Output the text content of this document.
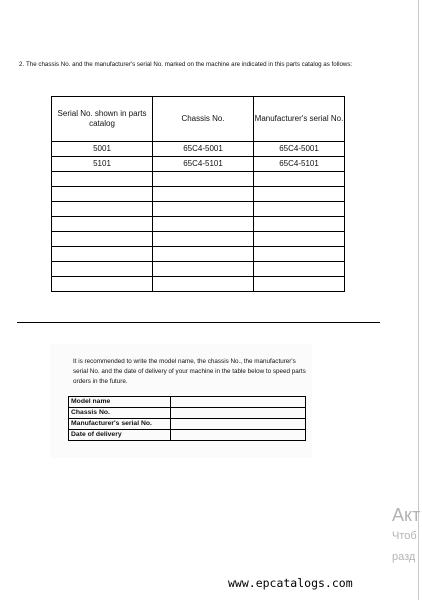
2. The chassis No. and the manufacturer's serial No. marked on the machine are indicated in this parts catalog as follows:
Serial No. shown in parts catalog	Chassis No.	Manufacturer's serial No.
5001	65C4-5001	65C4-5001
5101	65C4-5101	65C4-5101

It is recommended to write the model name, the chassis No., the manufacturer's serial No. and the date of delivery of your machine in the table below to speed parts orders in the future.
Model name	
Chassis No.	
Manufacturer's serial No.	
Date of delivery	
Акт
Чтоб
разд
www.epcatalogs.com
